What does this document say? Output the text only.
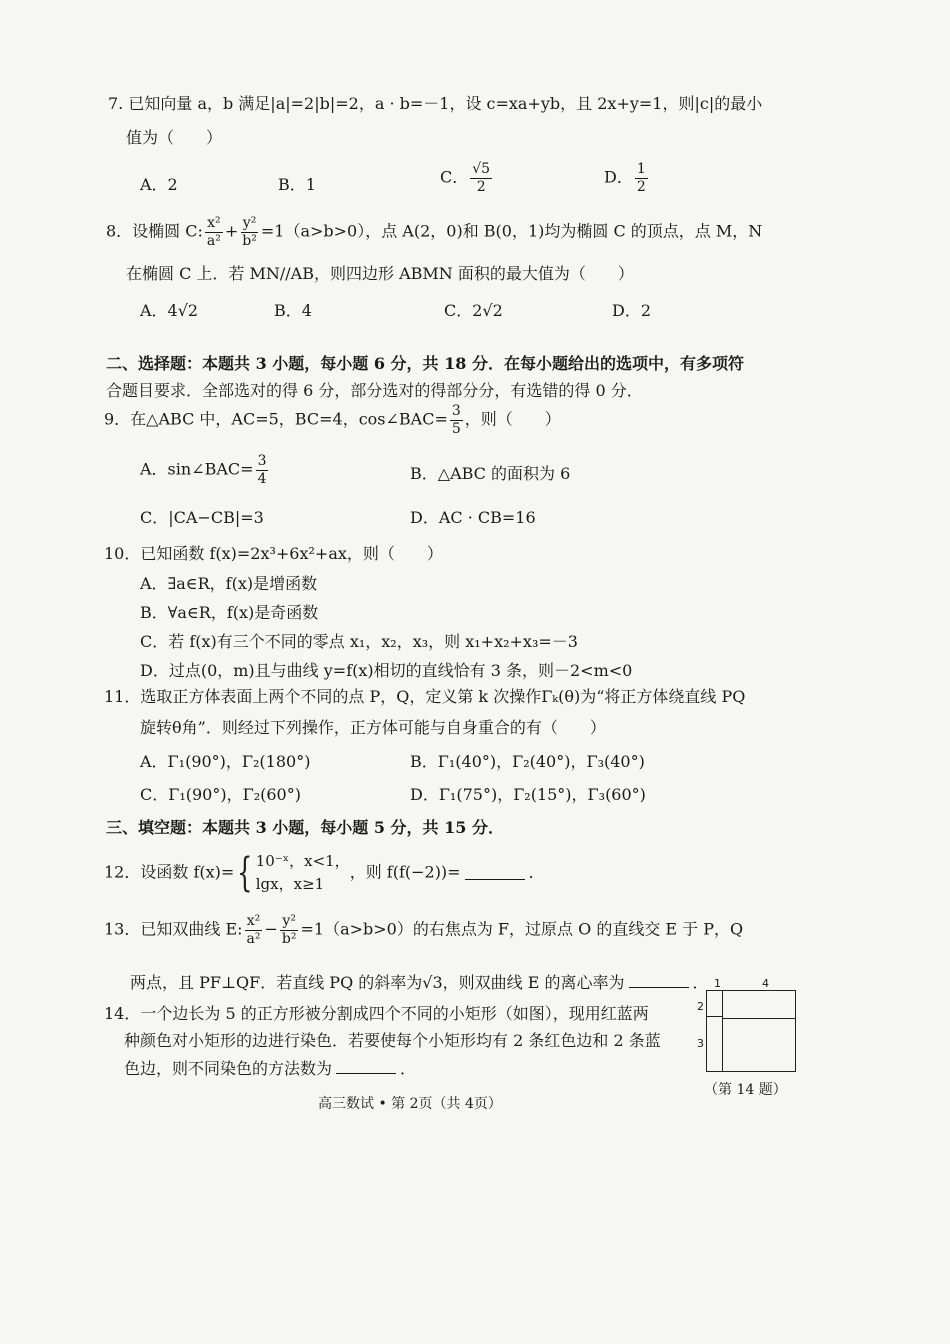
7. 已知向量 a，b 满足|a|=2|b|=2，a · b=－1，设 c=xa+yb，且 2x+y=1，则|c|的最小
值为（　　）
A．2	B．1	C． $\frac{√5}{2}$	D． $\frac{1}{2}$
8．设椭圆 C: $\frac{\text{x²}}{\text{a²}} + \frac{\text{y²}}{\text{b²}} =1(a>b>0)$，点 A(2，0)和 B(0，1)均为椭圆 C 的顶点，点 M，N
在椭圆 C 上．若 MN//AB，则四边形 ABMN 面积的最大值为（　　）
A．4√2	B．4	C．2√2	D．2
二、选择题：本题共 3 小题，每小题 6 分，共 18 分．在每小题给出的选项中，有多项符
合题目要求．全部选对的得 6 分，部分选对的得部分分，有选错的得 0 分．
9．在△ABC 中，AC=5，BC=4，cos∠BAC= $\frac{3}{5}$ ，则（　　）
A．sin∠BAC= $\frac{3}{4}$	B．△ABC 的面积为 6
C．|CA−CB|=3	D．AC · CB=16
10．已知函数 f(x)=2x³+6x²+ax，则（　　）
A．∃a∈R，f(x)是增函数
B．∀a∈R，f(x)是奇函数
C．若 f(x)有三个不同的零点 x₁，x₂，x₃，则 x₁+x₂+x₃=－3
D．过点(0，m)且与曲线 y=f(x)相切的直线恰有 3 条，则－2<m<0
11．选取正方体表面上两个不同的点 P，Q，定义第 k 次操作Γₖ(θ)为“将正方体绕直线 PQ
旋转θ角”．则经过下列操作，正方体可能与自身重合的有（　　）
A．Γ₁(90°)，Γ₂(180°)	B．Γ₁(40°)，Γ₂(40°)，Γ₃(40°)
C．Γ₁(90°)，Γ₂(60°)	D．Γ₁(75°)，Γ₂(15°)，Γ₃(60°)
三、填空题：本题共 3 小题，每小题 5 分，共 15 分．
12．设函数 f(x)={ 10⁻ˣ，x<1，
lgx，x≥1
，则 f(f(−2))=	．
13．已知双曲线 E: $\frac{\text{x²}}{\text{a²}} - \frac{\text{y²}}{\text{b²}} =1(a>b>0)$的右焦点为 F，过原点 O 的直线交 E 于 P，Q
两点，且 PF⊥QF．若直线 PQ 的斜率为√3，则双曲线 E 的离心率为	．
14．一个边长为 5 的正方形被分割成四个不同的小矩形（如图），现用红蓝两
种颜色对小矩形的边进行染色．若要使每个小矩形均有 2 条红色边和 2 条蓝
色边，则不同染色的方法数为	．
1	4
2
3
（第 14 题）
高三数试 • 第 2页（共 4页）
